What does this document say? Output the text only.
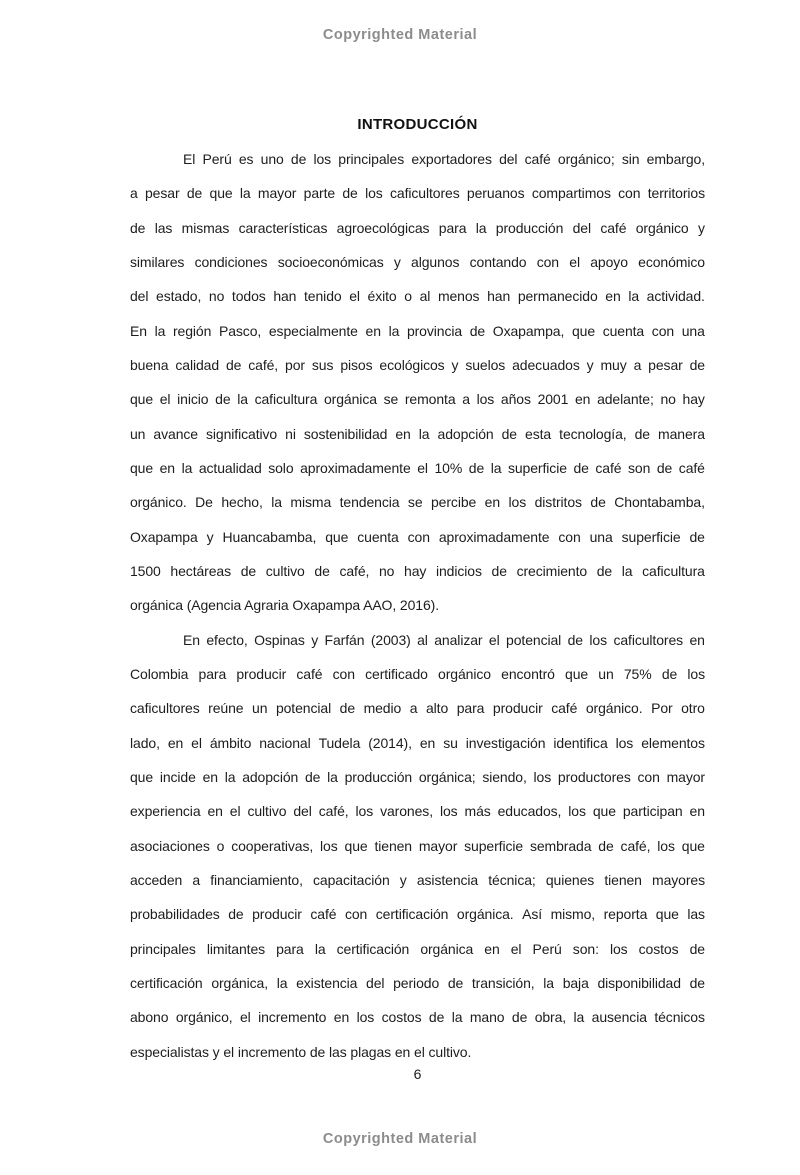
Copyrighted Material
INTRODUCCIÓN
El Perú es uno de los principales exportadores del café orgánico; sin embargo,
a pesar de que la mayor parte de los caficultores peruanos compartimos con territorios
de las mismas características agroecológicas para la producción del café orgánico y
similares condiciones socioeconómicas y algunos contando con el apoyo económico
del estado, no todos han tenido el éxito o al menos han permanecido en la actividad.
En la región Pasco, especialmente en la provincia de Oxapampa, que cuenta con una
buena calidad de café, por sus pisos ecológicos y suelos adecuados y muy a pesar de
que el inicio de la caficultura orgánica se remonta a los años 2001 en adelante; no hay
un avance significativo ni sostenibilidad en la adopción de esta tecnología, de manera
que en la actualidad solo aproximadamente el 10% de la superficie de café son de café
orgánico. De hecho, la misma tendencia se percibe en los distritos de Chontabamba,
Oxapampa y Huancabamba, que cuenta con aproximadamente con una superficie de
1500 hectáreas de cultivo de café, no hay indicios de crecimiento de la caficultura
orgánica (Agencia Agraria Oxapampa AAO, 2016).
En efecto, Ospinas y Farfán (2003) al analizar el potencial de los caficultores en
Colombia para producir café con certificado orgánico encontró que un 75% de los
caficultores reúne un potencial de medio a alto para producir café orgánico. Por otro
lado, en el ámbito nacional Tudela (2014), en su investigación identifica los elementos
que incide en la adopción de la producción orgánica; siendo, los productores con mayor
experiencia en el cultivo del café, los varones, los más educados, los que participan en
asociaciones o cooperativas, los que tienen mayor superficie sembrada de café, los que
acceden a financiamiento, capacitación y asistencia técnica; quienes tienen mayores
probabilidades de producir café con certificación orgánica. Así mismo, reporta que las
principales limitantes para la certificación orgánica en el Perú son: los costos de
certificación orgánica, la existencia del periodo de transición, la baja disponibilidad de
abono orgánico, el incremento en los costos de la mano de obra, la ausencia técnicos
especialistas y el incremento de las plagas en el cultivo.
6
Copyrighted Material
